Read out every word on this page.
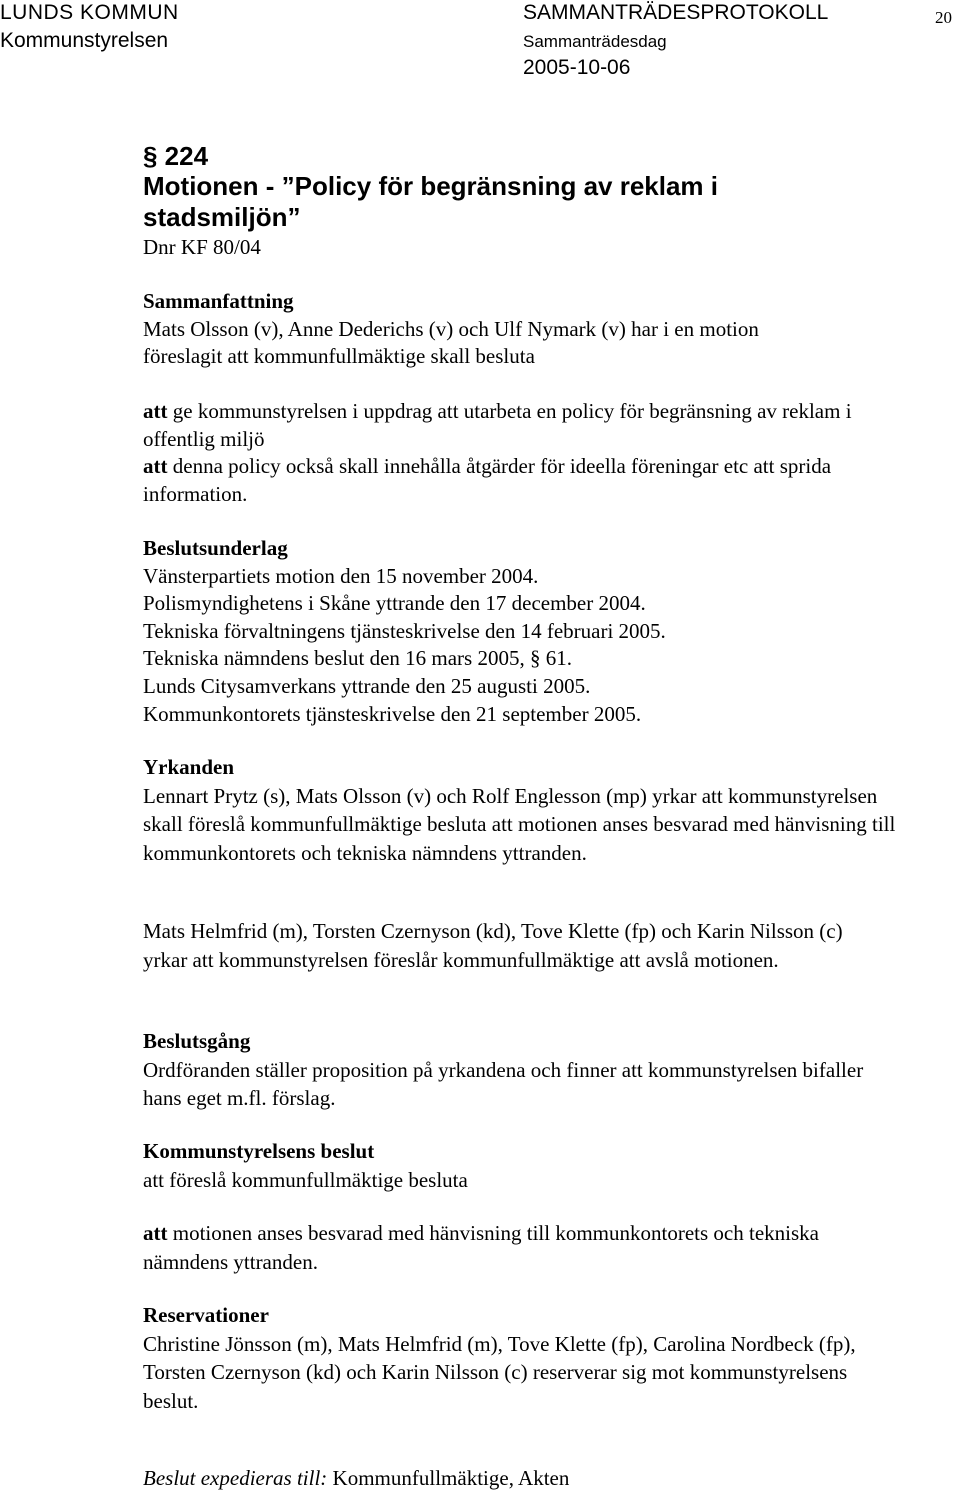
LUNDS KOMMUN
Kommunstyrelsen
SAMMANTRÄDESPROTOKOLL
Sammanträdesdag
2005-10-06
20
§ 224
Motionen - ”Policy för begränsning av reklam i stadsmiljön”
Dnr KF 80/04
Sammanfattning
Mats Olsson (v), Anne Dederichs (v) och Ulf Nymark (v) har i en motion föreslagit att kommunfullmäktige skall besluta
att ge kommunstyrelsen i uppdrag att utarbeta en policy för begränsning av reklam i offentlig miljö
att denna policy också skall innehålla åtgärder för ideella föreningar etc att sprida information.
Beslutsunderlag
Vänsterpartiets motion den 15 november 2004.
Polismyndighetens i Skåne yttrande den 17 december 2004.
Tekniska förvaltningens tjänsteskrivelse den 14 februari 2005.
Tekniska nämndens beslut den 16 mars 2005, § 61.
Lunds Citysamverkans yttrande den 25 augusti 2005.
Kommunkontorets tjänsteskrivelse den 21 september 2005.
Yrkanden
Lennart Prytz (s), Mats Olsson (v) och Rolf Englesson (mp) yrkar att kommunstyrelsen skall föreslå kommunfullmäktige besluta att motionen anses besvarad med hänvisning till kommunkontorets och tekniska nämndens yttranden.
Mats Helmfrid (m), Torsten Czernyson (kd), Tove Klette (fp) och Karin Nilsson (c) yrkar att kommunstyrelsen föreslår kommunfullmäktige att avslå motionen.
Beslutsgång
Ordföranden ställer proposition på yrkandena och finner att kommunstyrelsen bifaller hans eget m.fl. förslag.
Kommunstyrelsens beslut
att föreslå kommunfullmäktige besluta
att motionen anses besvarad med hänvisning till kommunkontorets och tekniska nämndens yttranden.
Reservationer
Christine Jönsson (m), Mats Helmfrid (m), Tove Klette (fp), Carolina Nordbeck (fp), Torsten Czernyson (kd) och Karin Nilsson (c) reserverar sig mot kommunstyrelsens beslut.
Beslut expedieras till: Kommunfullmäktige, Akten
